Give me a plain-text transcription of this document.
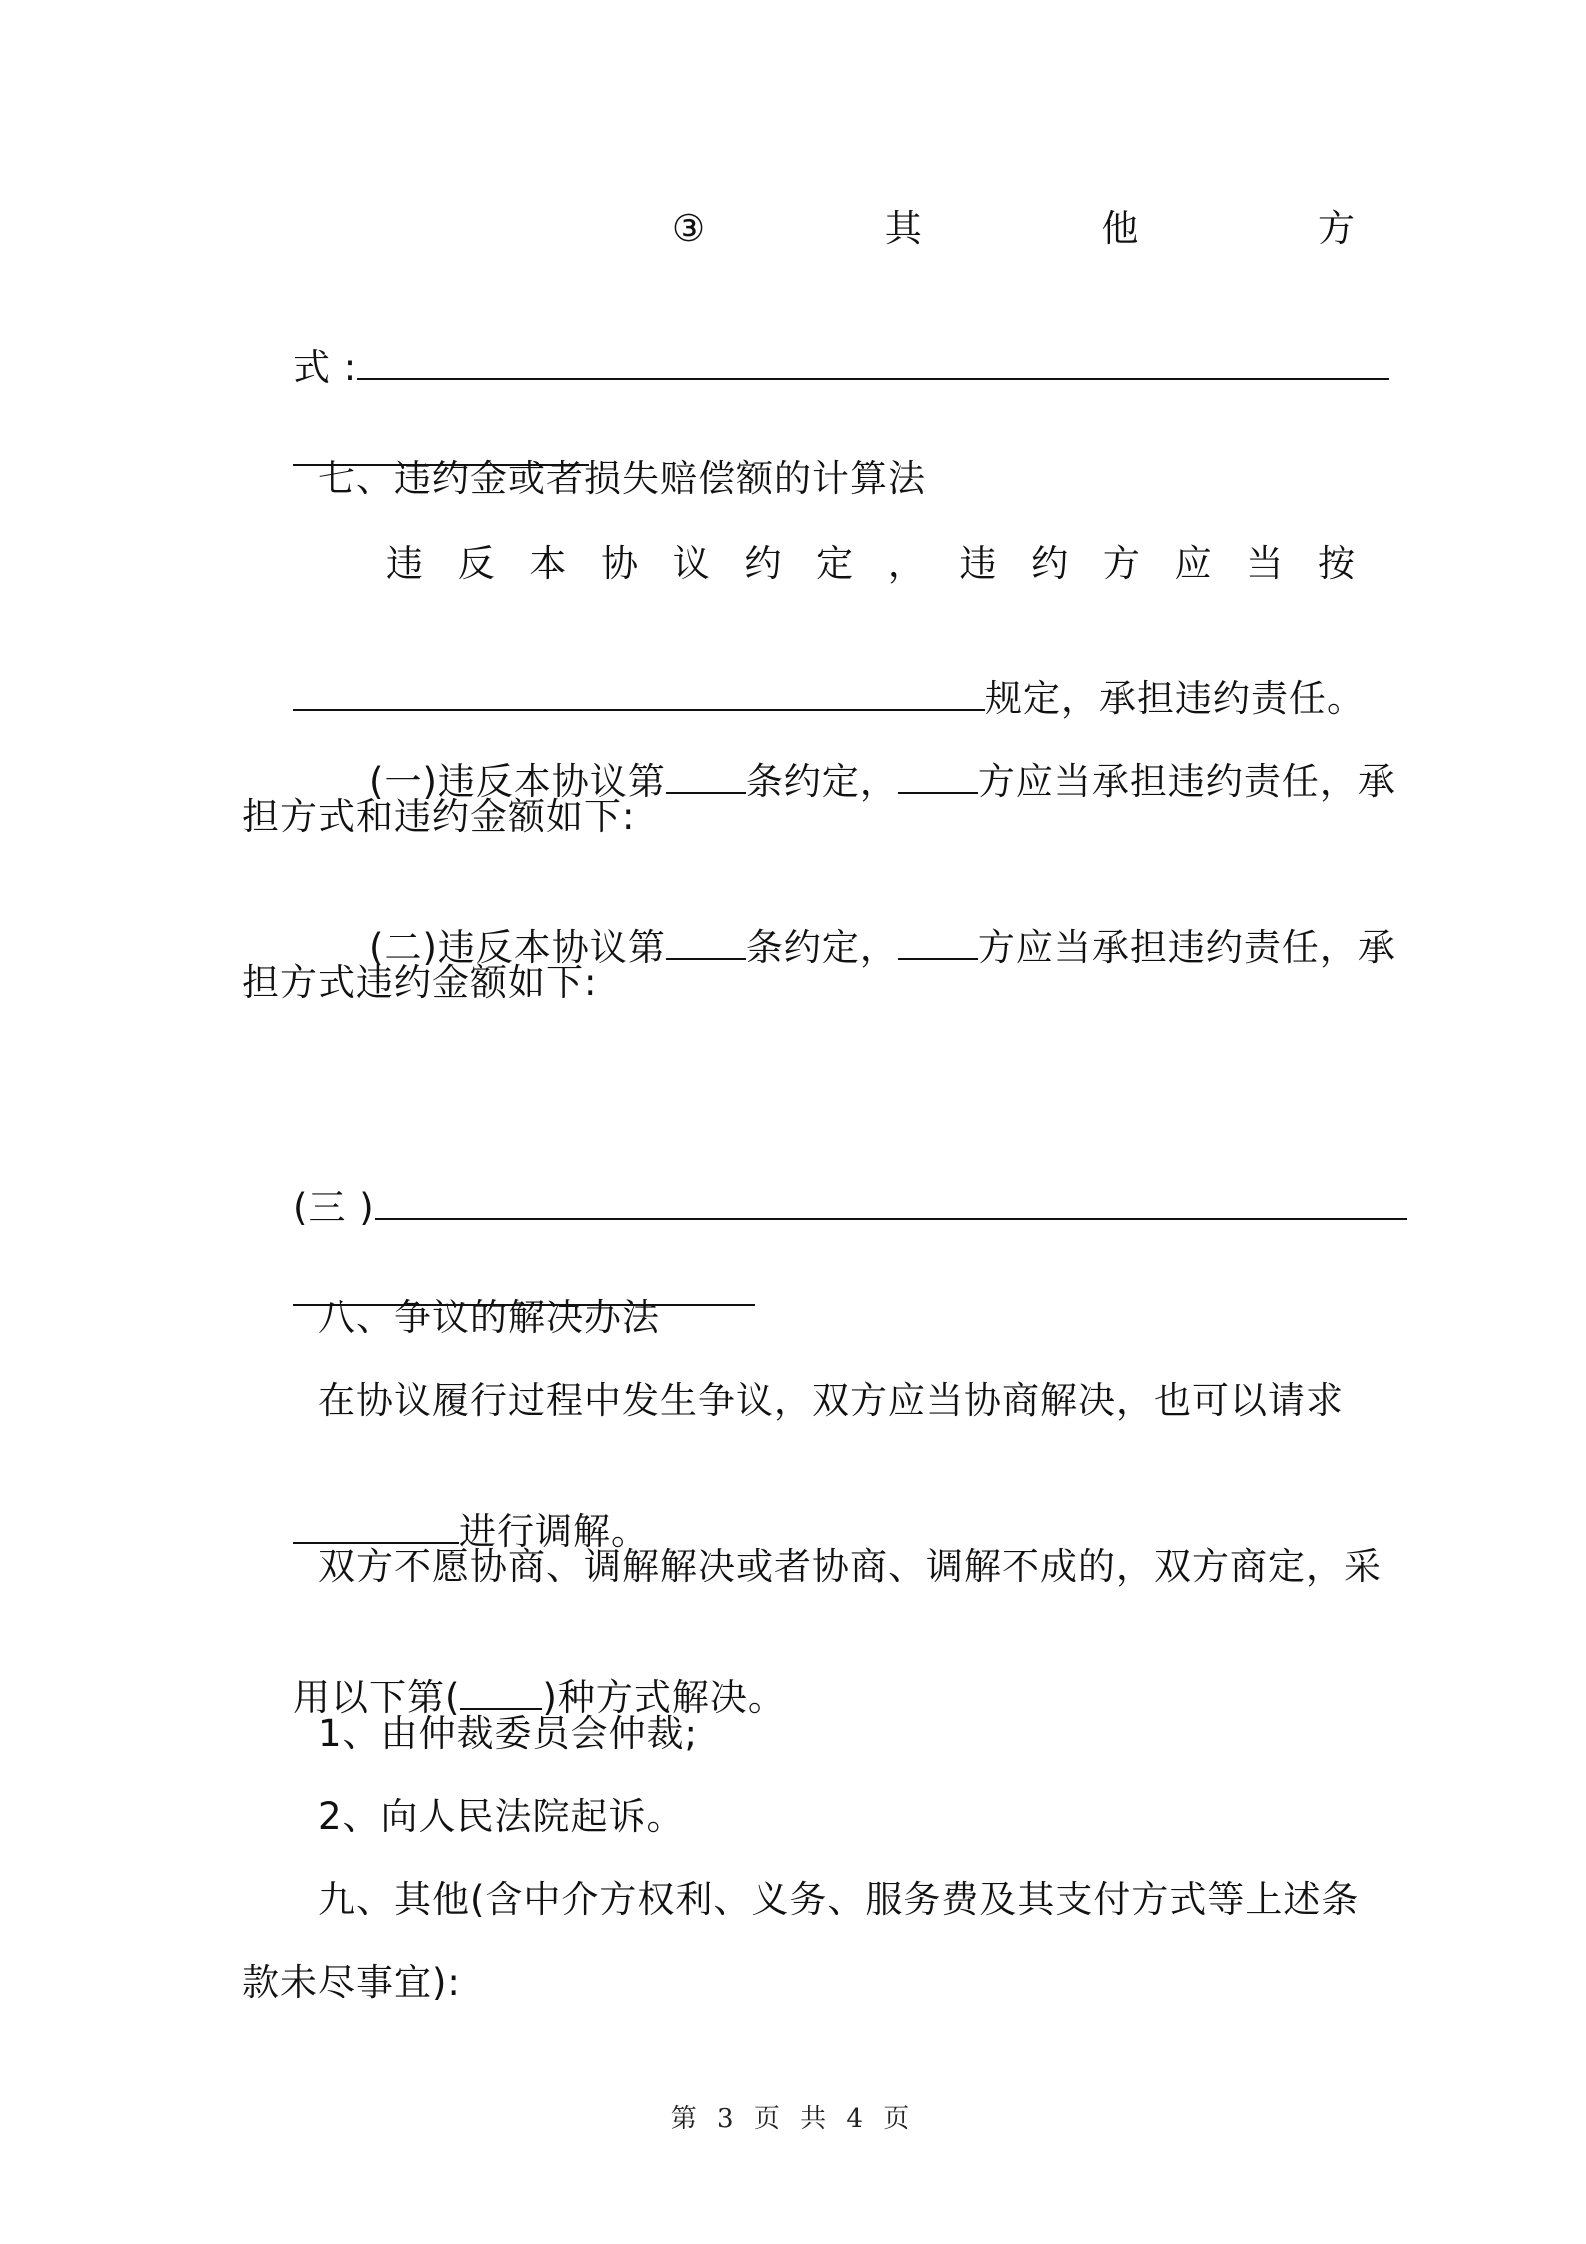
③	其	他	方

式 :

七、违约金或者损失赔偿额的计算法
违 反 本 协 议 约 定 ， 违 约 方 应 当 按

规定，承担违约责任。

(一)违反本协议第 条约定， 方应当承担违约责任，承

担方式和违约金额如下:

(二)违反本协议第 条约定， 方应当承担违约责任，承

担方式违约金额如下:

(三 )

八、争议的解决办法
在协议履行过程中发生争议，双方应当协商解决，也可以请求

进行调解。

双方不愿协商、调解解决或者协商、调解不成的，双方商定，采

用以下第( )种方式解决。

1、由仲裁委员会仲裁;
2、向人民法院起诉。
九、其他(含中介方权利、义务、服务费及其支付方式等上述条
款未尽事宜):
第 3 页 共 4 页
